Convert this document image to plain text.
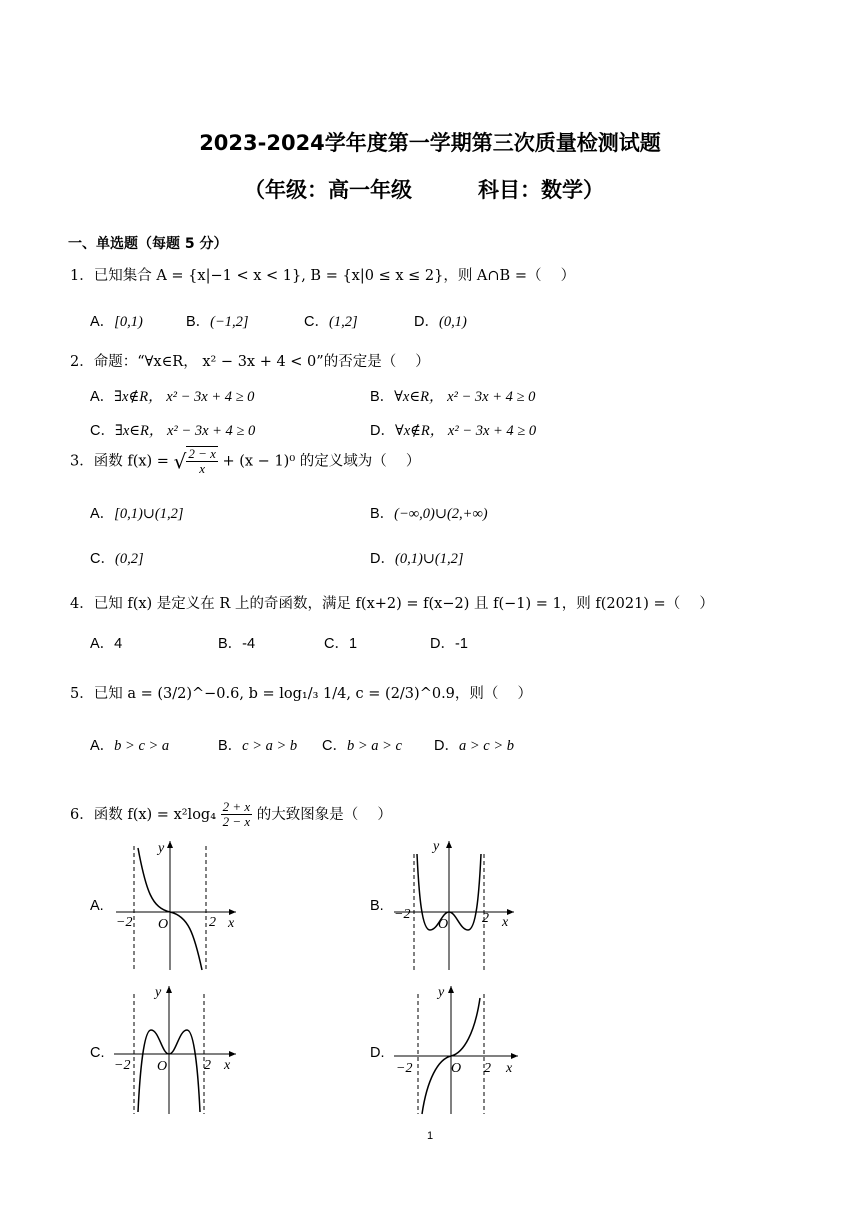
2023-2024学年度第一学期第三次质量检测试题
（年级：高一年级	科目：数学）
一、单选题（每题 5 分）
1．已知集合 A = {x|−1 < x < 1}, B = {x|0 ≤ x ≤ 2}，则 A∩B =（　 ）
A．[0,1)	B．(−1,2]	C．(1,2]	D．(0,1)
2．命题：“∀x∈R， x² − 3x + 4 < 0”的否定是（　 ）
A．∃x∉R， x² − 3x + 4 ≥ 0	B．∀x∈R， x² − 3x + 4 ≥ 0
C．∃x∈R， x² − 3x + 4 ≥ 0	D．∀x∉R， x² − 3x + 4 ≥ 0
3．函数 f(x) = √ $\frac{2 - x}{x} + (x - 1)^0$ 的定义域为（　 ）
A．[0,1)∪(1,2]	B．(−∞,0)∪(2,+∞)
C．(0,2]	D．(0,1)∪(1,2]
4．已知 f(x) 是定义在 R 上的奇函数，满足 f(x+2) = f(x−2) 且 f(−1) = 1，则 f(2021) =（　 ）
A．4	B．-4	C．1	D．-1
5．已知 a = (3/2)^−0.6, b = log₁/₃ 1/4, c = (2/3)^0.9，则（　 ）
A．b > c > a	B．c > a > b C．b > a > c D．a > c > b
6．函数 $f(x) = x^2\log_4 \frac{2 + x}{2 - x}$ 的大致图象是（　 ）
A.	B.
C.	D.
y
x
O
−2	2
y
x
O
−2	2
y
x
O
−2	2
y
x
O
−2	2
1
